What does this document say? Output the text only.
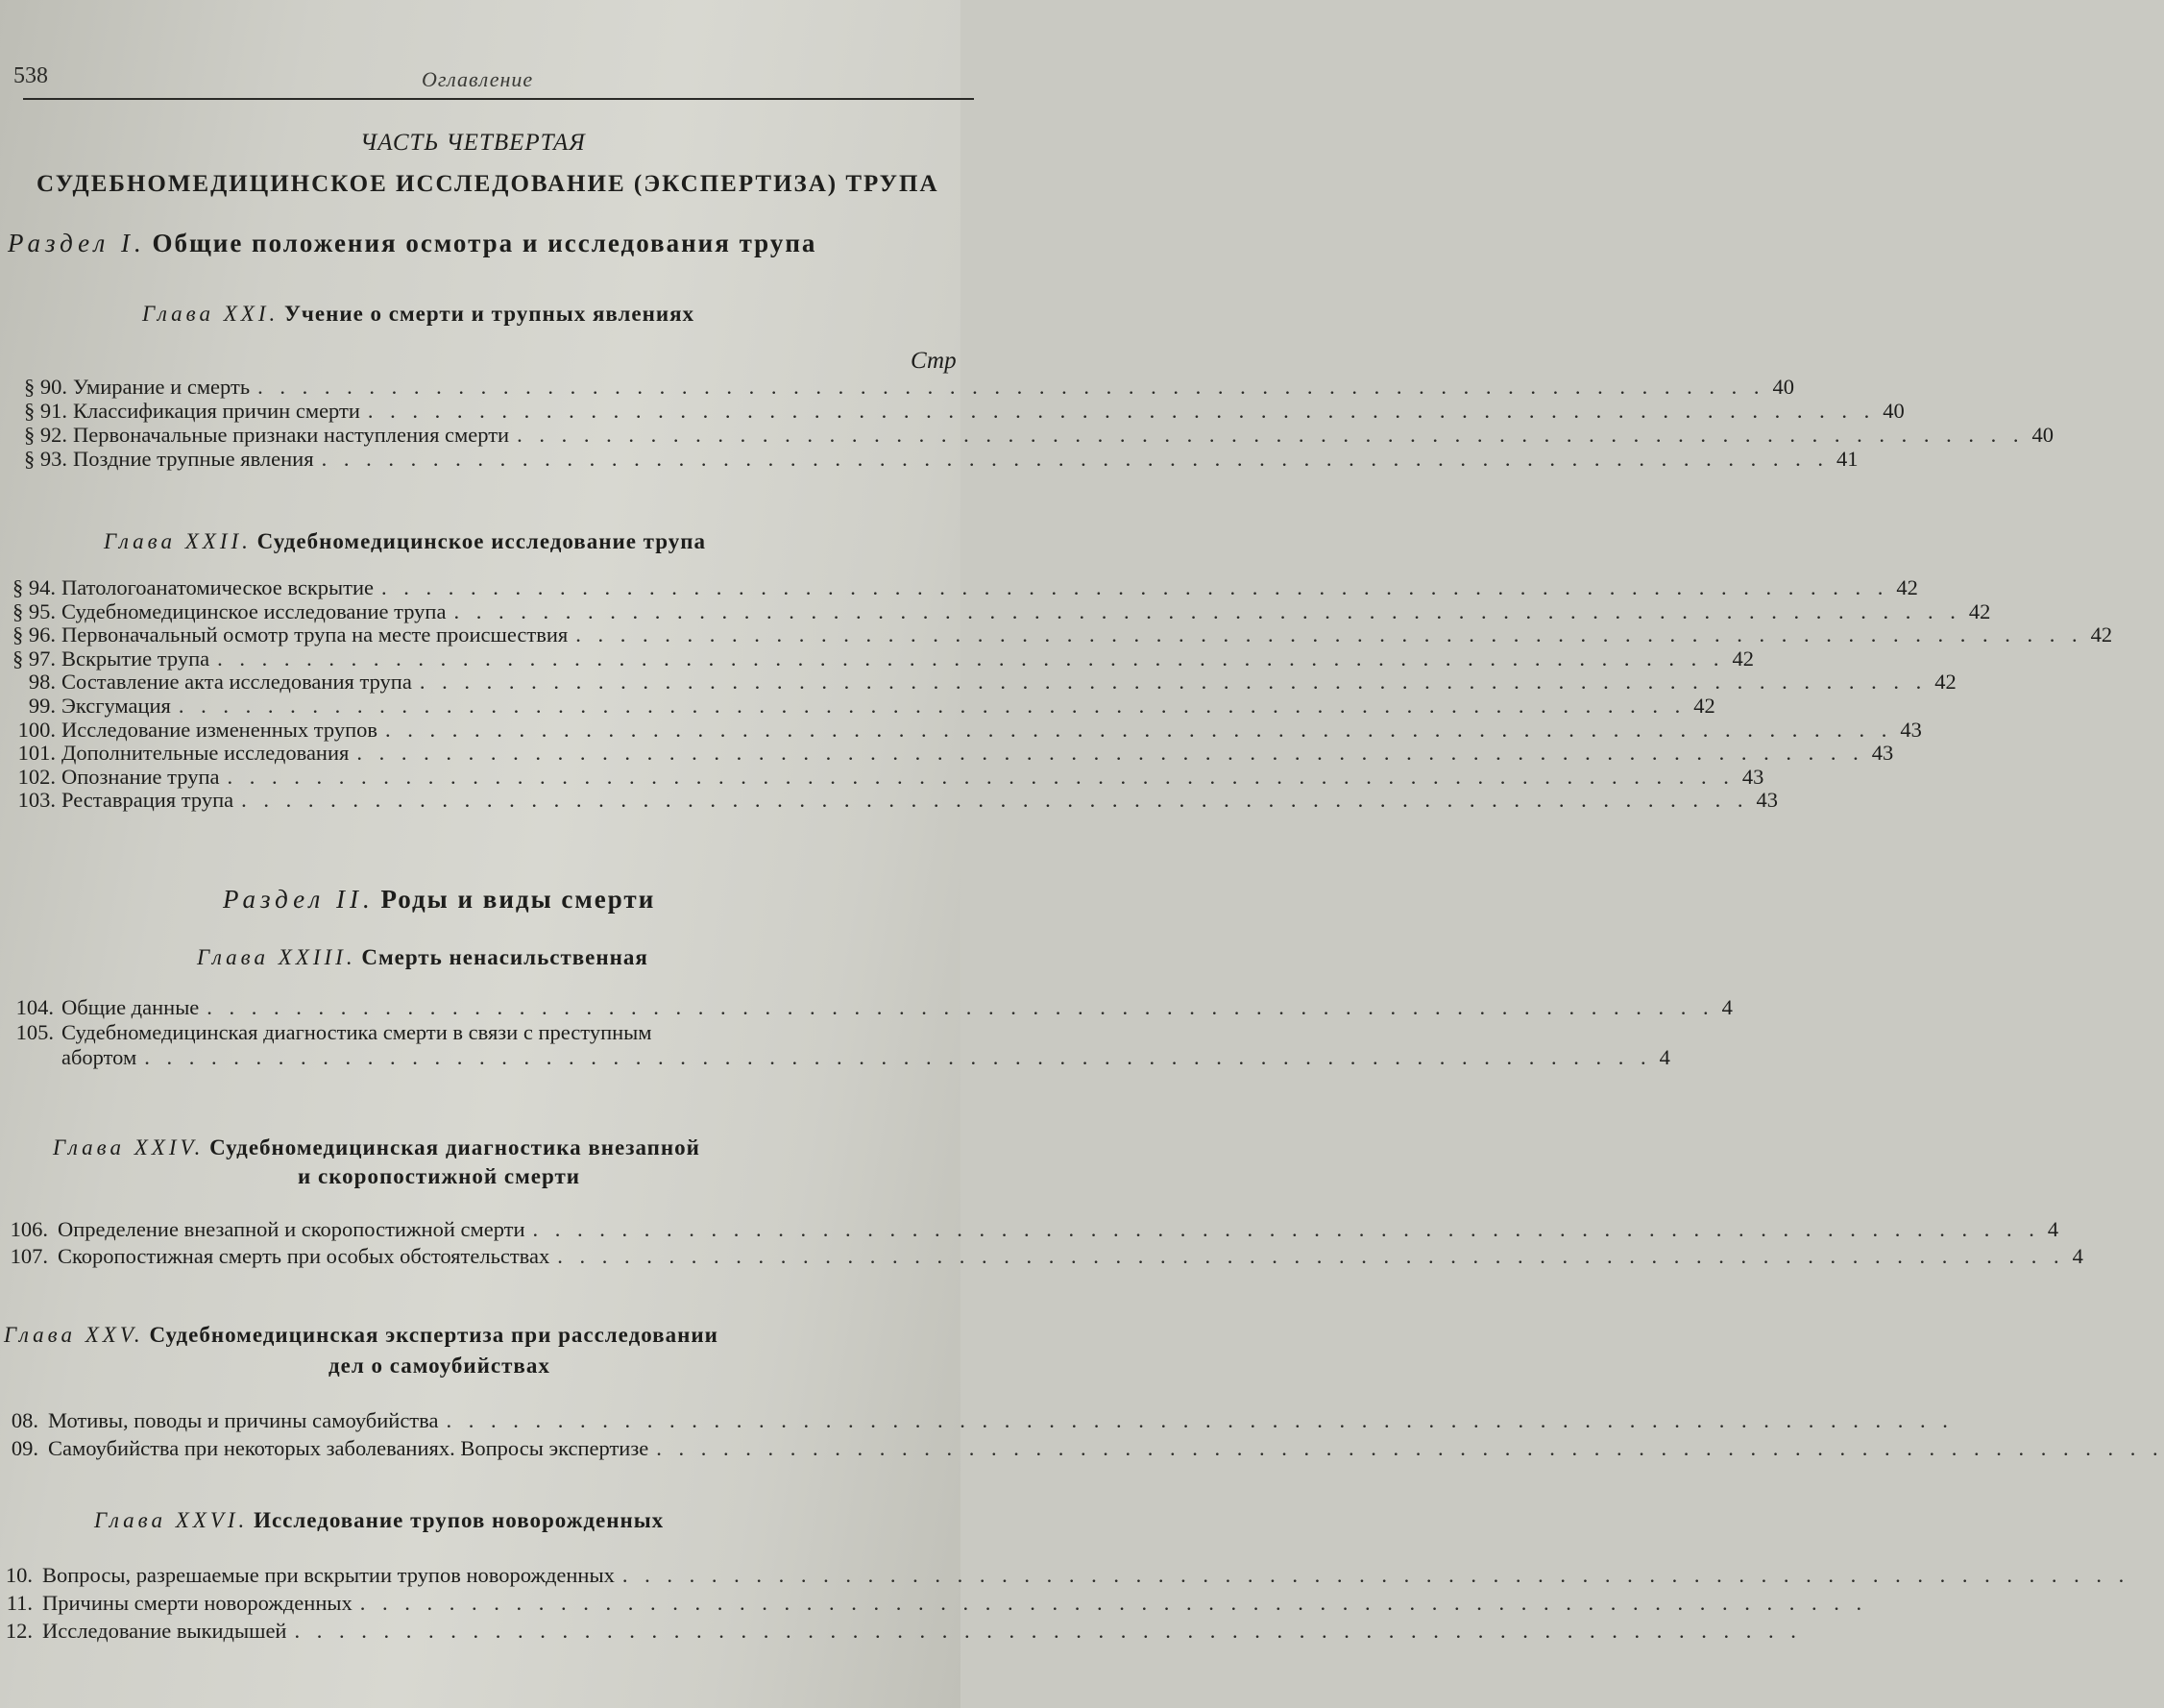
538	Оглавление
ЧАСТЬ ЧЕТВЕРТАЯ
СУДЕБНОМЕДИЦИНСКОЕ ИССЛЕДОВАНИЕ (ЭКСПЕРТИЗА) ТРУПА
Раздел I. Общие положения осмотра и исследования трупа
Глава XXI. Учение о смерти и трупных явлениях
Стр
§ 90. Умирание и смерть . . . . . . . . . . . . . . . . . . . . . . . . . . . . . . . . . . . . . . . . . . . . . . . . . . . . . . . . . . . . . . . . . . . . 40
§ 91. Классификация причин смерти . . . . . . . . . . . . . . . . . . . . . . . . . . . . . . . . . . . . . . . . . . . . . . . . . . . . . . . . . . . . . . . . . . . . 40
§ 92. Первоначальные признаки наступления смерти . . . . . . . . . . . . . . . . . . . . . . . . . . . . . . . . . . . . . . . . . . . . . . . . . . . . . . . . . . . . . . . . . . . . 40
§ 93. Поздние трупные явления . . . . . . . . . . . . . . . . . . . . . . . . . . . . . . . . . . . . . . . . . . . . . . . . . . . . . . . . . . . . . . . . . . . . 41
Глава XXII. Судебномедицинское исследование трупа
§ 94. Патологоанатомическое вскрытие . . . . . . . . . . . . . . . . . . . . . . . . . . . . . . . . . . . . . . . . . . . . . . . . . . . . . . . . . . . . . . . . . . . . 42
§ 95. Судебномедицинское исследование трупа . . . . . . . . . . . . . . . . . . . . . . . . . . . . . . . . . . . . . . . . . . . . . . . . . . . . . . . . . . . . . . . . . . . . 42
§ 96. Первоначальный осмотр трупа на месте происшествия . . . . . . . . . . . . . . . . . . . . . . . . . . . . . . . . . . . . . . . . . . . . . . . . . . . . . . . . . . . . . . . . . . . . 42
§ 97. Вскрытие трупа . . . . . . . . . . . . . . . . . . . . . . . . . . . . . . . . . . . . . . . . . . . . . . . . . . . . . . . . . . . . . . . . . . . . 42
98. Составление акта исследования трупа . . . . . . . . . . . . . . . . . . . . . . . . . . . . . . . . . . . . . . . . . . . . . . . . . . . . . . . . . . . . . . . . . . . . 42
99. Эксгумация . . . . . . . . . . . . . . . . . . . . . . . . . . . . . . . . . . . . . . . . . . . . . . . . . . . . . . . . . . . . . . . . . . . . 42
100. Исследование измененных трупов . . . . . . . . . . . . . . . . . . . . . . . . . . . . . . . . . . . . . . . . . . . . . . . . . . . . . . . . . . . . . . . . . . . . 43
101. Дополнительные исследования . . . . . . . . . . . . . . . . . . . . . . . . . . . . . . . . . . . . . . . . . . . . . . . . . . . . . . . . . . . . . . . . . . . . 43
102. Опознание трупа . . . . . . . . . . . . . . . . . . . . . . . . . . . . . . . . . . . . . . . . . . . . . . . . . . . . . . . . . . . . . . . . . . . . 43
103. Реставрация трупа . . . . . . . . . . . . . . . . . . . . . . . . . . . . . . . . . . . . . . . . . . . . . . . . . . . . . . . . . . . . . . . . . . . . 43
Раздел II. Роды и виды смерти
Глава XXIII. Смерть ненасильственная
104. Общие данные . . . . . . . . . . . . . . . . . . . . . . . . . . . . . . . . . . . . . . . . . . . . . . . . . . . . . . . . . . . . . . . . . . . . 4
105. Судебномедицинская диагностика смерти в связи с преступным
абортом . . . . . . . . . . . . . . . . . . . . . . . . . . . . . . . . . . . . . . . . . . . . . . . . . . . . . . . . . . . . . . . . . . . . 4
Глава XXIV. Судебномедицинская диагностика внезапной
и скоропостижной смерти
106. Определение внезапной и скоропостижной смерти . . . . . . . . . . . . . . . . . . . . . . . . . . . . . . . . . . . . . . . . . . . . . . . . . . . . . . . . . . . . . . . . . . . . 4
107. Скоропостижная смерть при особых обстоятельствах . . . . . . . . . . . . . . . . . . . . . . . . . . . . . . . . . . . . . . . . . . . . . . . . . . . . . . . . . . . . . . . . . . . . 4
Глава XXV. Судебномедицинская экспертиза при расследовании
дел о самоубийствах
08. Мотивы, поводы и причины самоубийства . . . . . . . . . . . . . . . . . . . . . . . . . . . . . . . . . . . . . . . . . . . . . . . . . . . . . . . . . . . . . . . . . . . .
09. Самоубийства при некоторых заболеваниях. Вопросы экспертизе . . . . . . . . . . . . . . . . . . . . . . . . . . . . . . . . . . . . . . . . . . . . . . . . . . . . . . . . . . . . . . . . . . . .
Глава XXVI. Исследование трупов новорожденных
10. Вопросы, разрешаемые при вскрытии трупов новорожденных . . . . . . . . . . . . . . . . . . . . . . . . . . . . . . . . . . . . . . . . . . . . . . . . . . . . . . . . . . . . . . . . . . . .
11. Причины смерти новорожденных . . . . . . . . . . . . . . . . . . . . . . . . . . . . . . . . . . . . . . . . . . . . . . . . . . . . . . . . . . . . . . . . . . . .
12. Исследование выкидышей . . . . . . . . . . . . . . . . . . . . . . . . . . . . . . . . . . . . . . . . . . . . . . . . . . . . . . . . . . . . . . . . . . . .
